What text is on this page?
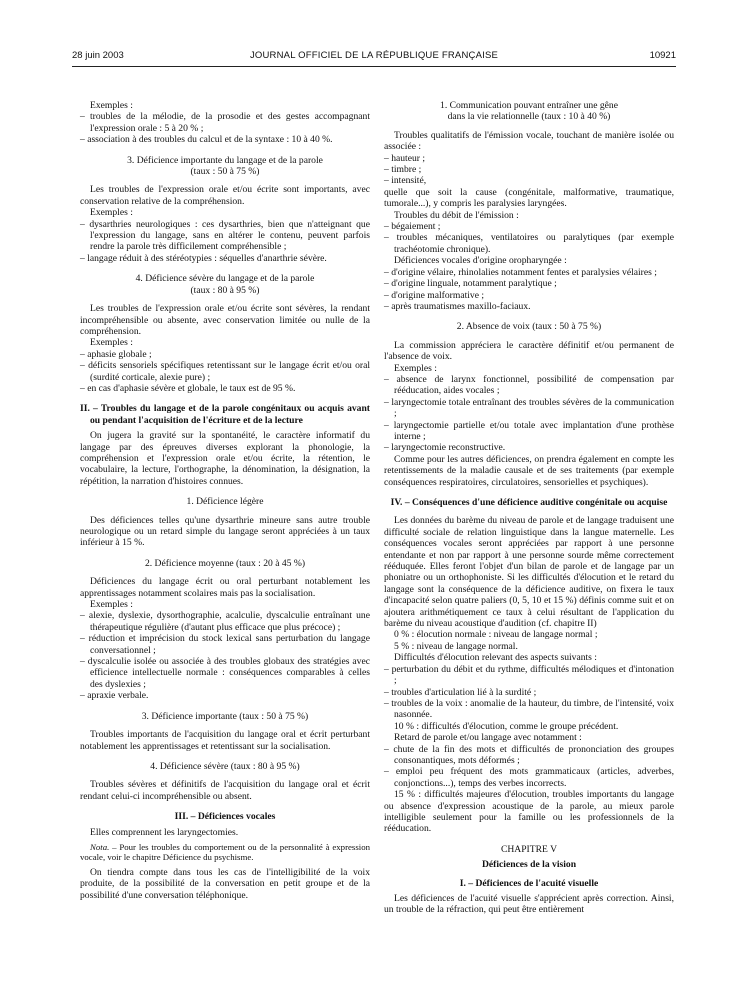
28 juin 2003	JOURNAL OFFICIEL DE LA RÉPUBLIQUE FRANÇAISE	10921

Exemples :

– troubles de la mélodie, de la prosodie et des gestes accompagnant l'expression orale : 5 à 20 % ;

– association à des troubles du calcul et de la syntaxe : 10 à 40 %.

3. Déficience importante du langage et de la parole

(taux : 50 à 75 %)

Les troubles de l'expression orale et/ou écrite sont importants, avec conservation relative de la compréhension.

Exemples :

– dysarthries neurologiques : ces dysarthries, bien que n'atteignant que l'expression du langage, sans en altérer le contenu, peuvent parfois rendre la parole très difficilement compréhensible ;

– langage réduit à des stéréotypies : séquelles d'anarthrie sévère.

4. Déficience sévère du langage et de la parole

(taux : 80 à 95 %)

Les troubles de l'expression orale et/ou écrite sont sévères, la rendant incompréhensible ou absente, avec conservation limitée ou nulle de la compréhension.

Exemples :

– aphasie globale ;

– déficits sensoriels spécifiques retentissant sur le langage écrit et/ou oral (surdité corticale, alexie pure) ;

– en cas d'aphasie sévère et globale, le taux est de 95 %.

II. – Troubles du langage et de la parole congénitaux ou acquis avant ou pendant l'acquisition de l'écriture et de la lecture

On jugera la gravité sur la spontanéité, le caractère informatif du langage par des épreuves diverses explorant la phonologie, la compréhension et l'expression orale et/ou écrite, la rétention, le vocabulaire, la lecture, l'orthographe, la dénomination, la désignation, la répétition, la narration d'histoires connues.

1. Déficience légère

Des déficiences telles qu'une dysarthrie mineure sans autre trouble neurologique ou un retard simple du langage seront appréciées à un taux inférieur à 15 %.

2. Déficience moyenne (taux : 20 à 45 %)

Déficiences du langage écrit ou oral perturbant notablement les apprentissages notamment scolaires mais pas la socialisation.

Exemples :

– alexie, dyslexie, dysorthographie, acalculie, dyscalculie entraînant une thérapeutique régulière (d'autant plus efficace que plus précoce) ;

– réduction et imprécision du stock lexical sans perturbation du langage conversationnel ;

– dyscalculie isolée ou associée à des troubles globaux des stratégies avec efficience intellectuelle normale : conséquences comparables à celles des dyslexies ;

– apraxie verbale.

3. Déficience importante (taux : 50 à 75 %)

Troubles importants de l'acquisition du langage oral et écrit perturbant notablement les apprentissages et retentissant sur la socialisation.

4. Déficience sévère (taux : 80 à 95 %)

Troubles sévères et définitifs de l'acquisition du langage oral et écrit rendant celui-ci incompréhensible ou absent.

III. – Déficiences vocales

Elles comprennent les laryngectomies.

Nota. – Pour les troubles du comportement ou de la personnalité à expression vocale, voir le chapitre Déficience du psychisme.

On tiendra compte dans tous les cas de l'intelligibilité de la voix produite, de la possibilité de la conversation en petit groupe et de la possibilité d'une conversation téléphonique.

1. Communication pouvant entraîner une gêne

dans la vie relationnelle (taux : 10 à 40 %)

Troubles qualitatifs de l'émission vocale, touchant de manière isolée ou associée :

– hauteur ;

– timbre ;

– intensité,

quelle que soit la cause (congénitale, malformative, traumatique, tumorale...), y compris les paralysies laryngées.

Troubles du débit de l'émission :

– bégaiement ;

– troubles mécaniques, ventilatoires ou paralytiques (par exemple trachéotomie chronique).

Déficiences vocales d'origine oropharyngée :

– d'origine vélaire, rhinolalies notamment fentes et paralysies vélaires ;

– d'origine linguale, notamment paralytique ;

– d'origine malformative ;

– après traumatismes maxillo-faciaux.

2. Absence de voix (taux : 50 à 75 %)

La commission appréciera le caractère définitif et/ou permanent de l'absence de voix.

Exemples :

– absence de larynx fonctionnel, possibilité de compensation par rééducation, aides vocales ;

– laryngectomie totale entraînant des troubles sévères de la communication ;

– laryngectomie partielle et/ou totale avec implantation d'une prothèse interne ;

– laryngectomie reconstructive.

Comme pour les autres déficiences, on prendra également en compte les retentissements de la maladie causale et de ses traitements (par exemple conséquences respiratoires, circulatoires, sensorielles et psychiques).

IV. – Conséquences d'une déficience auditive congénitale ou acquise

Les données du barème du niveau de parole et de langage traduisent une difficulté sociale de relation linguistique dans la langue maternelle. Les conséquences vocales seront appréciées par rapport à une personne entendante et non par rapport à une personne sourde même correctement rééduquée. Elles feront l'objet d'un bilan de parole et de langage par un phoniatre ou un orthophoniste. Si les difficultés d'élocution et le retard du langage sont la conséquence de la déficience auditive, on fixera le taux d'incapacité selon quatre paliers (0, 5, 10 et 15 %) définis comme suit et on ajoutera arithmétiquement ce taux à celui résultant de l'application du barème du niveau acoustique d'audition (cf. chapitre II)

0 % : élocution normale : niveau de langage normal ;

5 % : niveau de langage normal.

Difficultés d'élocution relevant des aspects suivants :

– perturbation du débit et du rythme, difficultés mélodiques et d'intonation ;

– troubles d'articulation lié à la surdité ;

– troubles de la voix : anomalie de la hauteur, du timbre, de l'intensité, voix nasonnée.

10 % : difficultés d'élocution, comme le groupe précédent.

Retard de parole et/ou langage avec notamment :

– chute de la fin des mots et difficultés de prononciation des groupes consonantiques, mots déformés ;

– emploi peu fréquent des mots grammaticaux (articles, adverbes, conjonctions...), temps des verbes incorrects.

15 % : difficultés majeures d'élocution, troubles importants du langage ou absence d'expression acoustique de la parole, au mieux parole intelligible seulement pour la famille ou les professionnels de la rééducation.

CHAPITRE V

Déficiences de la vision

I. – Déficiences de l'acuité visuelle

Les déficiences de l'acuité visuelle s'apprécient après correction. Ainsi, un trouble de la réfraction, qui peut être entièrement
